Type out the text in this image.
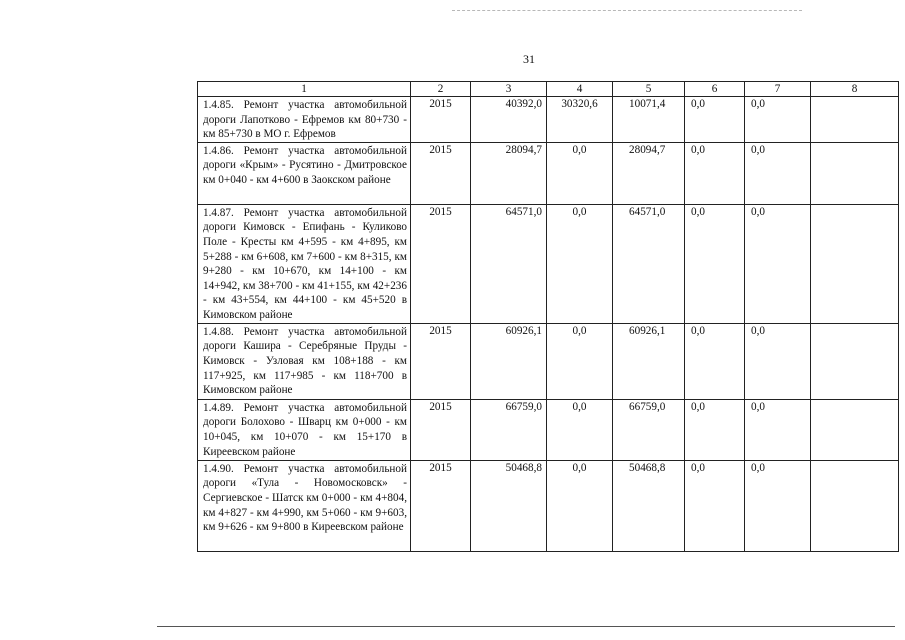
31
1	2	3	4	5	6	7	8
1.4.85. Ремонт участка автомобильной дороги Лапотково - Ефремов км 80+730 - км 85+730 в МО г. Ефремов	2015	40392,0	30320,6	10071,4	0,0	0,0	
1.4.86. Ремонт участка автомобильной дороги «Крым» - Русятино - Дмитровское км 0+040 - км 4+600 в Заокском районе	2015	28094,7	0,0	28094,7	0,0	0,0	
1.4.87. Ремонт участка автомобильной дороги Кимовск - Епифань - Куликово Поле - Кресты км 4+595 - км 4+895, км 5+288 - км 6+608, км 7+600 - км 8+315, км 9+280 - км 10+670, км 14+100 - км 14+942, км 38+700 - км 41+155, км 42+236 - км 43+554, км 44+100 - км 45+520 в Кимовском районе	2015	64571,0	0,0	64571,0	0,0	0,0	
1.4.88. Ремонт участка автомобильной дороги Кашира - Серебряные Пруды - Кимовск - Узловая км 108+188 - км 117+925, км 117+985 - км 118+700 в Кимовском районе	2015	60926,1	0,0	60926,1	0,0	0,0	
1.4.89. Ремонт участка автомобильной дороги Болохово - Шварц км 0+000 - км 10+045, км 10+070 - км 15+170 в Киреевском районе	2015	66759,0	0,0	66759,0	0,0	0,0	
1.4.90. Ремонт участка автомобильной дороги «Тула - Новомосковск» - Сергиевское - Шатск км 0+000 - км 4+804, км 4+827 - км 4+990, км 5+060 - км 9+603, км 9+626 - км 9+800 в Киреевском районе	2015	50468,8	0,0	50468,8	0,0	0,0	
